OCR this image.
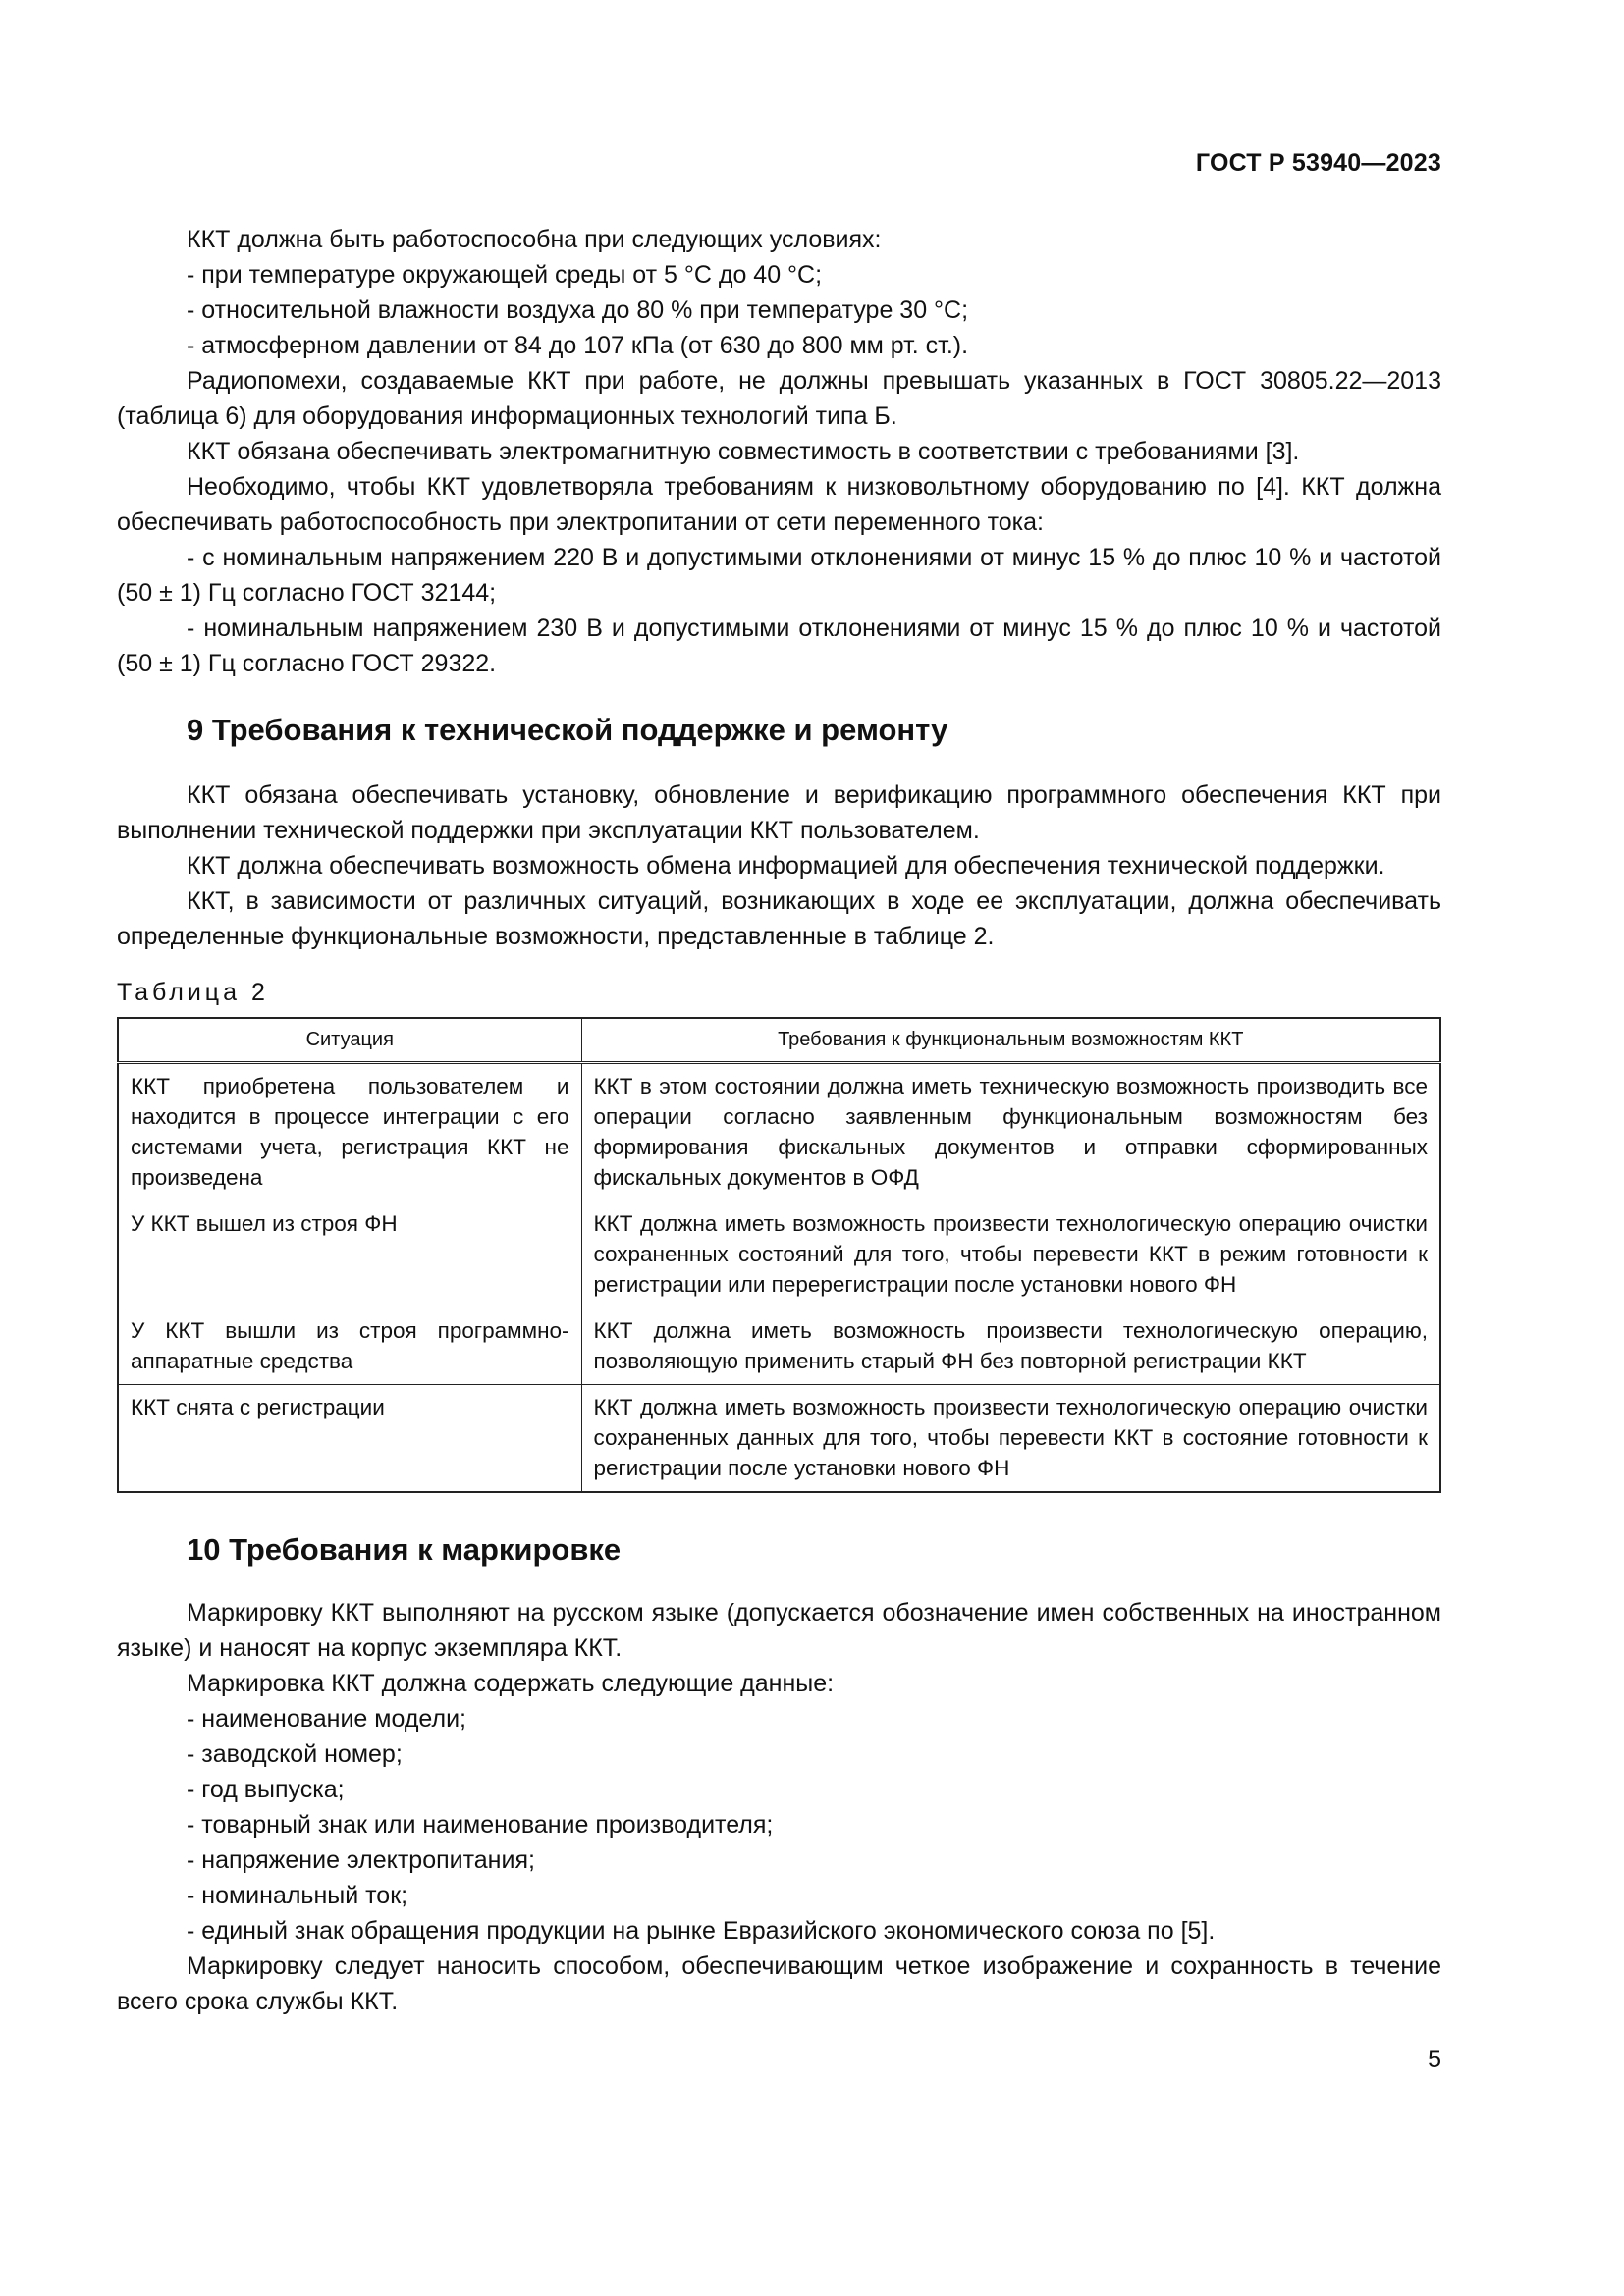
ГОСТ Р 53940—2023
ККТ должна быть работоспособна при следующих условиях:
- при температуре окружающей среды от 5 °С до 40 °С;
- относительной влажности воздуха до 80 % при температуре 30 °С;
- атмосферном давлении от 84 до 107 кПа (от 630 до 800 мм рт. ст.).
Радиопомехи, создаваемые ККТ при работе, не должны превышать указанных в ГОСТ 30805.22—2013 (таблица 6) для оборудования информационных технологий типа Б.
ККТ обязана обеспечивать электромагнитную совместимость в соответствии с требованиями [3].
Необходимо, чтобы ККТ удовлетворяла требованиям к низковольтному оборудованию по [4]. ККТ должна обеспечивать работоспособность при электропитании от сети переменного тока:
- с номинальным напряжением 220 В и допустимыми отклонениями от минус 15 % до плюс 10 % и частотой (50 ± 1) Гц согласно ГОСТ 32144;
- номинальным напряжением 230 В и допустимыми отклонениями от минус 15 % до плюс 10 % и частотой (50 ± 1) Гц согласно ГОСТ 29322.
9 Требования к технической поддержке и ремонту
ККТ обязана обеспечивать установку, обновление и верификацию программного обеспечения ККТ при выполнении технической поддержки при эксплуатации ККТ пользователем.
ККТ должна обеспечивать возможность обмена информацией для обеспечения технической поддержки.
ККТ, в зависимости от различных ситуаций, возникающих в ходе ее эксплуатации, должна обеспечивать определенные функциональные возможности, представленные в таблице 2.
Таблица 2
Ситуация	Требования к функциональным возможностям ККТ
ККТ приобретена пользователем и находится в процессе интеграции с его системами учета, регистрация ККТ не произведена	ККТ в этом состоянии должна иметь техническую возможность производить все операции согласно заявленным функциональным возможностям без формирования фискальных документов и отправки сформированных фискальных документов в ОФД
У ККТ вышел из строя ФН	ККТ должна иметь возможность произвести технологическую операцию очистки сохраненных состояний для того, чтобы перевести ККТ в режим готовности к регистрации или перерегистрации после установки нового ФН
У ККТ вышли из строя программно-аппаратные средства	ККТ должна иметь возможность произвести технологическую операцию, позволяющую применить старый ФН без повторной регистрации ККТ
ККТ снята с регистрации	ККТ должна иметь возможность произвести технологическую операцию очистки сохраненных данных для того, чтобы перевести ККТ в состояние готовности к регистрации после установки нового ФН
10 Требования к маркировке
Маркировку ККТ выполняют на русском языке (допускается обозначение имен собственных на иностранном языке) и наносят на корпус экземпляра ККТ.
Маркировка ККТ должна содержать следующие данные:
- наименование модели;
- заводской номер;
- год выпуска;
- товарный знак или наименование производителя;
- напряжение электропитания;
- номинальный ток;
- единый знак обращения продукции на рынке Евразийского экономического союза по [5].
Маркировку следует наносить способом, обеспечивающим четкое изображение и сохранность в течение всего срока службы ККТ.
5
